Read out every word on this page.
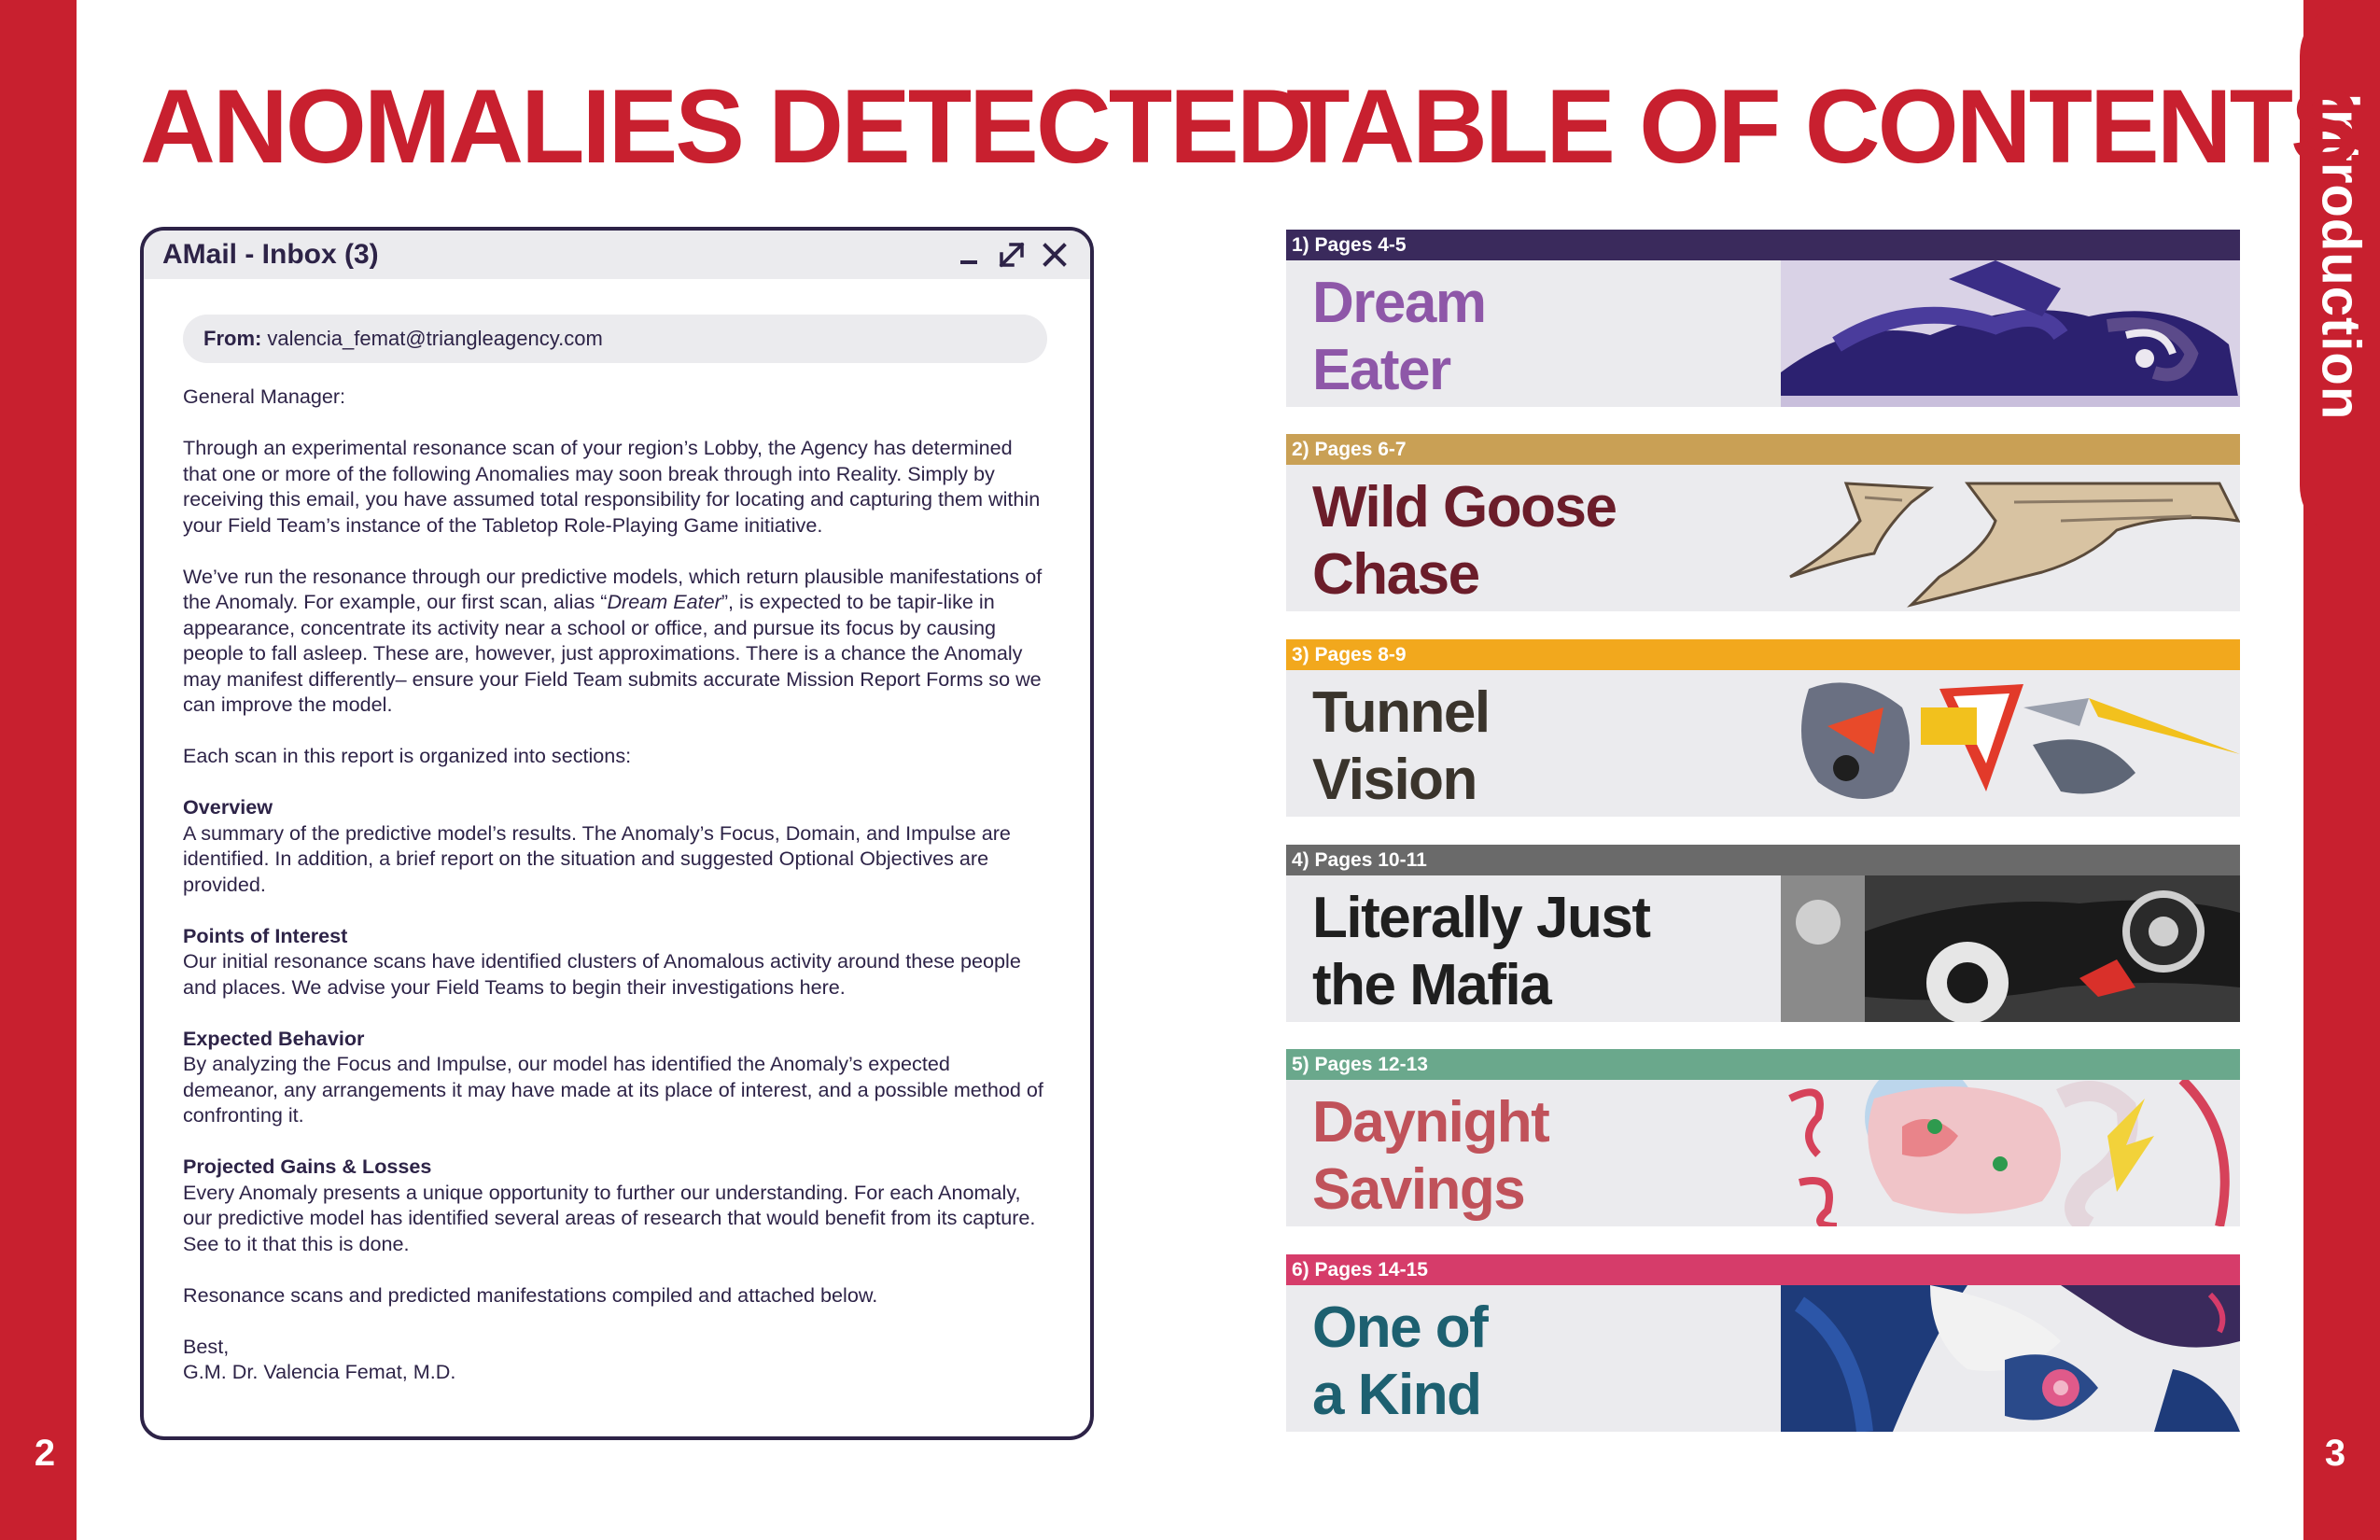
Introduction
2	3
ANOMALIES DETECTED
TABLE OF CONTENTS
AMail - Inbox (3)
From: valencia_femat@triangleagency.com

General Manager:

Through an experimental resonance scan of your region’s Lobby, the Agency has determined that one or more of the following Anomalies may soon break through into Reality. Simply by receiving this email, you have assumed total responsibility for locating and capturing them within your Field Team’s instance of the Tabletop Role-Playing Game initiative.

We’ve run the resonance through our predictive models, which return plausible manifestations of the Anomaly. For example, our first scan, alias “Dream Eater”, is expected to be tapir-like in appearance, concentrate its activity near a school or office, and pursue its focus by causing people to fall asleep. These are, however, just approximations. There is a chance the Anomaly may manifest differently– ensure your Field Team submits accurate Mission Report Forms so we can improve the model.

Each scan in this report is organized into sections:

Overview
A summary of the predictive model’s results. The Anomaly’s Focus, Domain, and Impulse are identified. In addition, a brief report on the situation and suggested Optional Objectives are provided.

Points of Interest
Our initial resonance scans have identified clusters of Anomalous activity around these people and places. We advise your Field Teams to begin their investigations here.

Expected Behavior
By analyzing the Focus and Impulse, our model has identified the Anomaly’s expected demeanor, any arrangements it may have made at its place of interest, and a possible method of confronting it.

Projected Gains & Losses
Every Anomaly presents a unique opportunity to further our understanding. For each Anomaly, our predictive model has identified several areas of research that would benefit from its capture. See to it that this is done.

Resonance scans and predicted manifestations compiled and attached below.

Best,
G.M. Dr. Valencia Femat, M.D.

1) Pages 4-5
Dream
Eater
2) Pages 6-7
Wild Goose
Chase
3) Pages 8-9
Tunnel
Vision
4) Pages 10-11
Literally Just
the Mafia
5) Pages 12-13
Daynight
Savings
6) Pages 14-15
One of
a Kind
